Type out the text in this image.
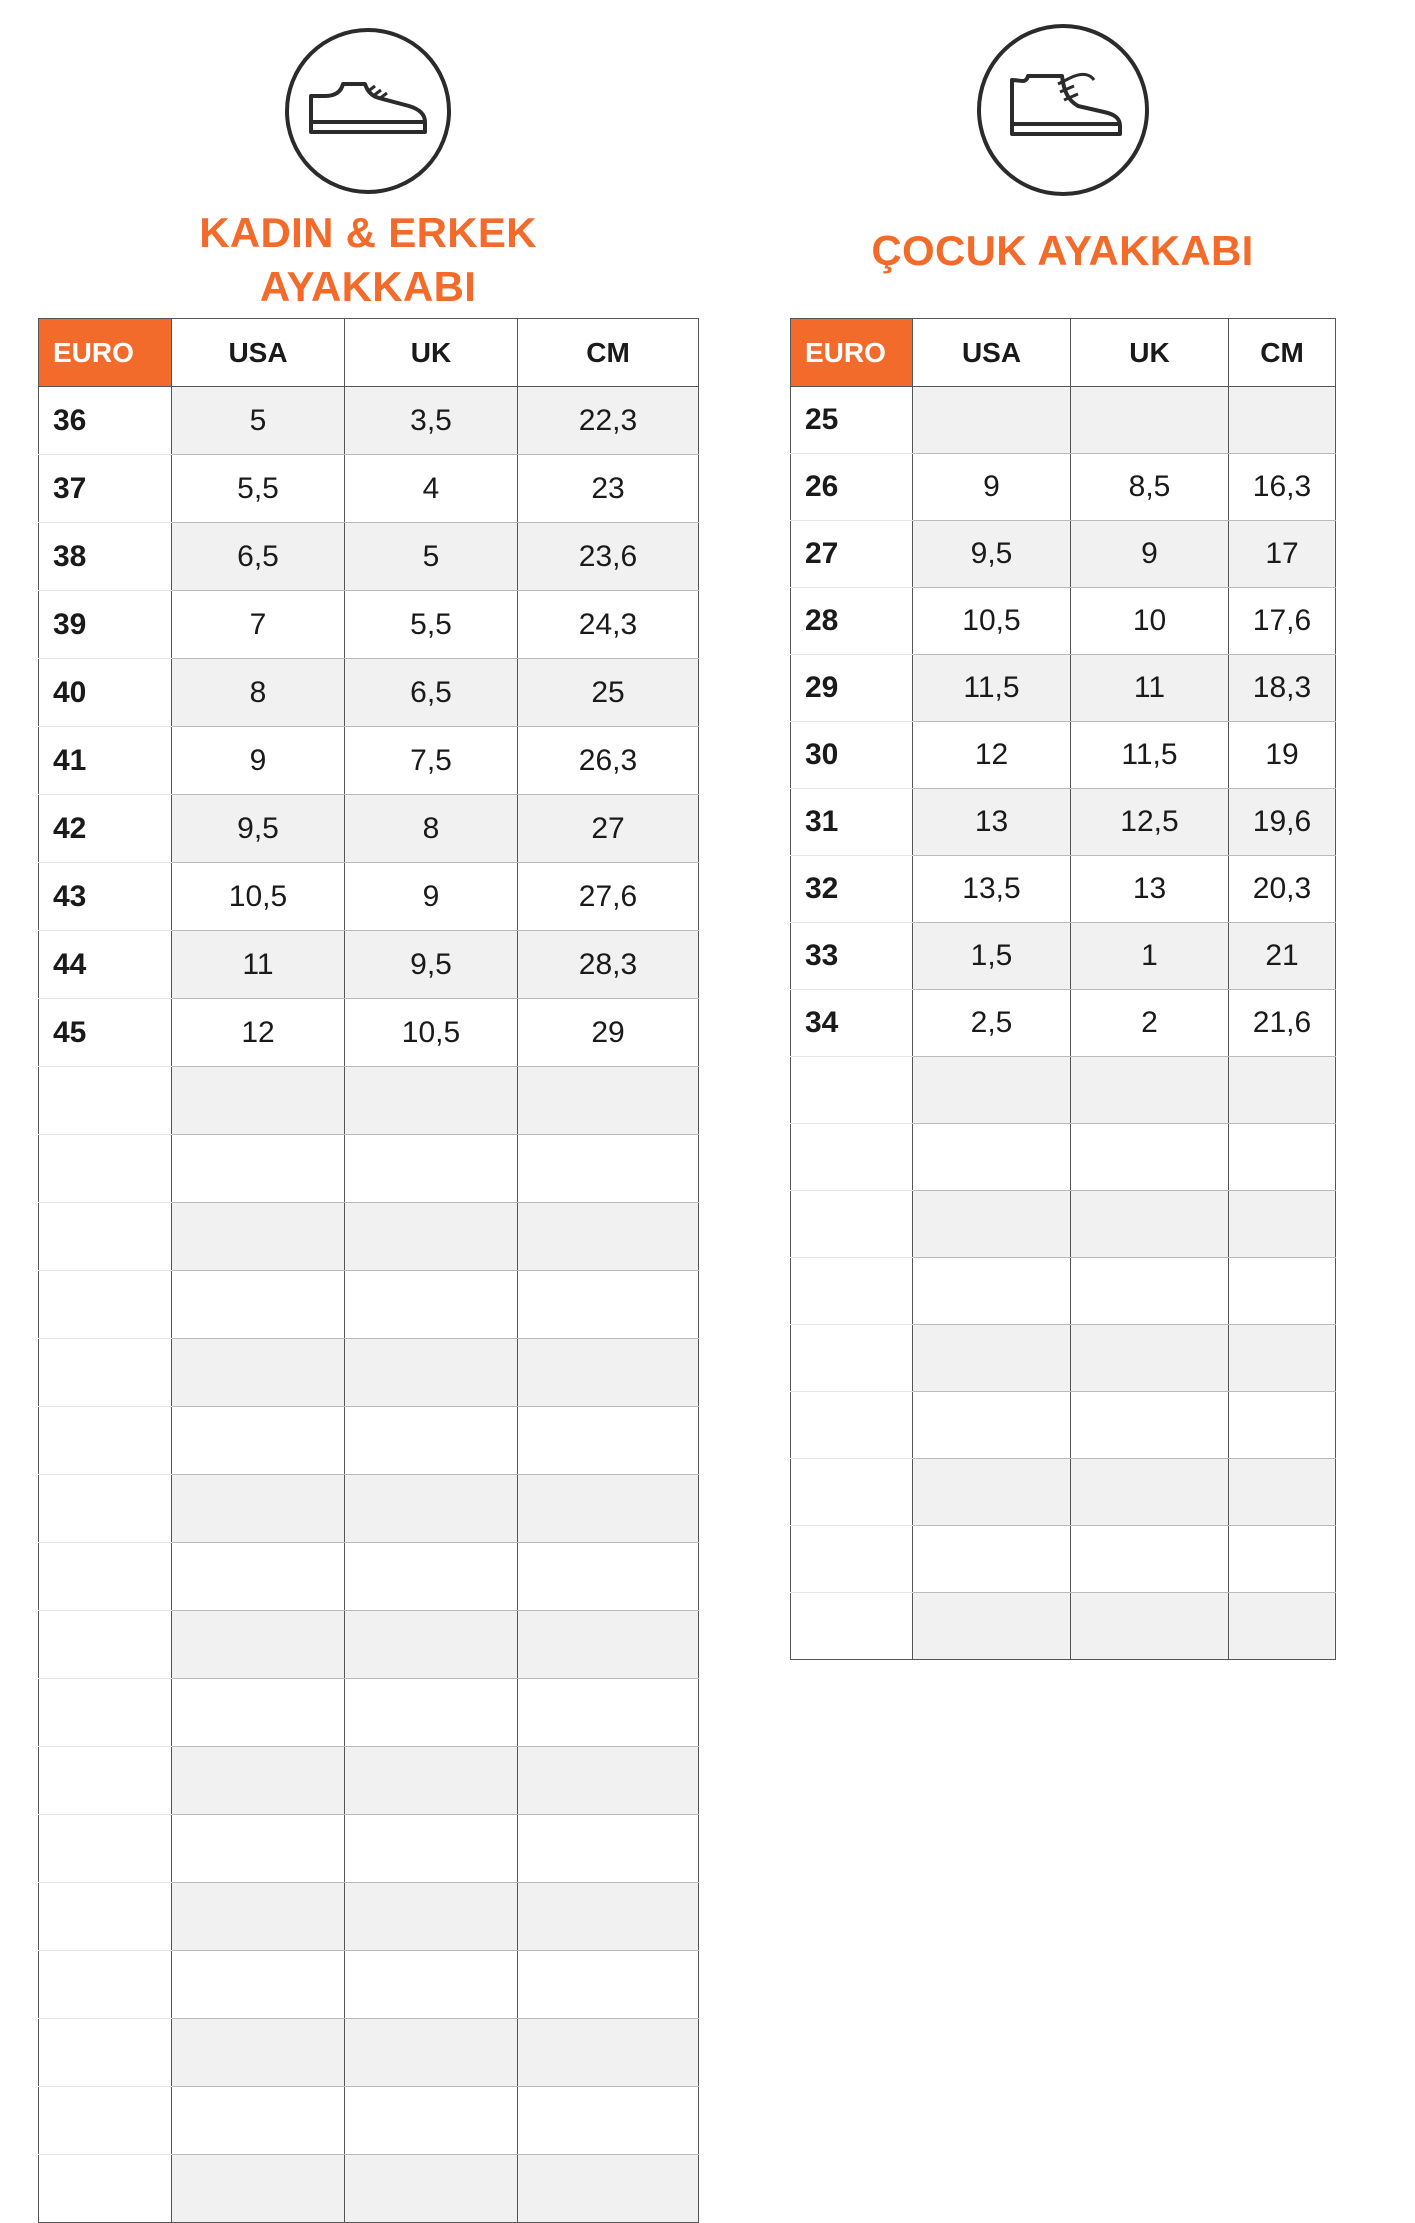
KADIN & ERKEK

AYAKKABI

EURO	USA	UK	CM
36	5	3,5	22,3
37	5,5	4	23
38	6,5	5	23,6
39	7	5,5	24,3
40	8	6,5	25
41	9	7,5	26,3
42	9,5	8	27
43	10,5	9	27,6
44	11	9,5	28,3
45	12	10,5	29

ÇOCUK AYAKKABI

EURO	USA	UK	CM
25			
26	9	8,5	16,3
27	9,5	9	17
28	10,5	10	17,6
29	11,5	11	18,3
30	12	11,5	19
31	13	12,5	19,6
32	13,5	13	20,3
33	1,5	1	21
34	2,5	2	21,6
